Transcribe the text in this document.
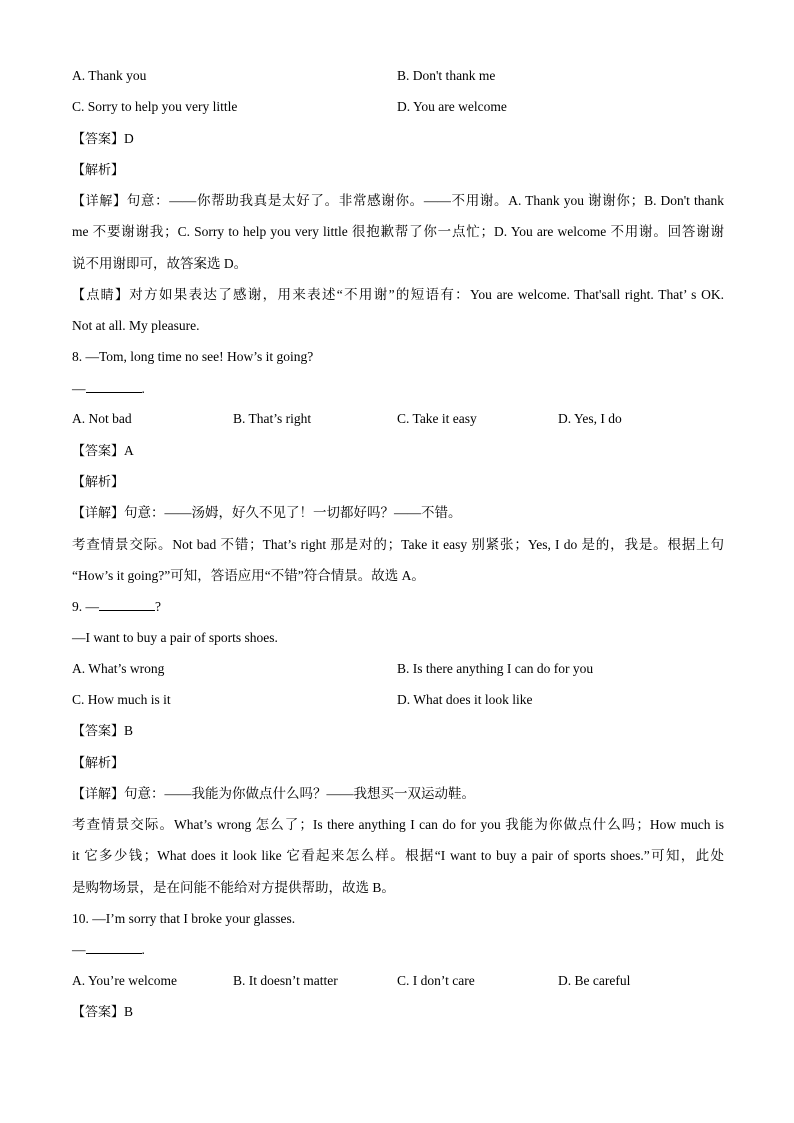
A. Thank you	B. Don't thank me
C. Sorry to help you very little	D. You are welcome
【答案】D
【解析】
【详解】句意：——你帮助我真是太好了。非常感谢你。——不用谢。A. Thank you 谢谢你；B. Don't thank
me 不要谢谢我；C. Sorry to help you very little 很抱歉帮了你一点忙；D. You are welcome 不用谢。回答谢谢
说不用谢即可，故答案选 D。
【点睛】对方如果表达了感谢，用来表述“不用谢”的短语有：You are welcome. That'sall right. That’ s OK.
Not at all. My pleasure.
8. —Tom, long time no see! How’s it going?
—	.
A. Not bad	B. That’s right	C. Take it easy	D. Yes, I do
【答案】A
【解析】
【详解】句意：——汤姆，好久不见了！一切都好吗？——不错。
考查情景交际。Not bad 不错；That’s right 那是对的；Take it easy 别紧张；Yes, I do 是的，我是。根据上句
“How’s it going?”可知，答语应用“不错”符合情景。故选 A。
9. —	?
—I want to buy a pair of sports shoes.
A. What’s wrong	B. Is there anything I can do for you
C. How much is it	D. What does it look like
【答案】B
【解析】
【详解】句意：——我能为你做点什么吗？——我想买一双运动鞋。
考查情景交际。What’s wrong 怎么了；Is there anything I can do for you 我能为你做点什么吗；How much is
it 它多少钱；What does it look like 它看起来怎么样。根据“I want to buy a pair of sports shoes.”可知，此处
是购物场景，是在问能不能给对方提供帮助，故选 B。
10. —I’m sorry that I broke your glasses.
—	.
A. You’re welcome	B. It doesn’t matter	C. I don’t care	D. Be careful
【答案】B
